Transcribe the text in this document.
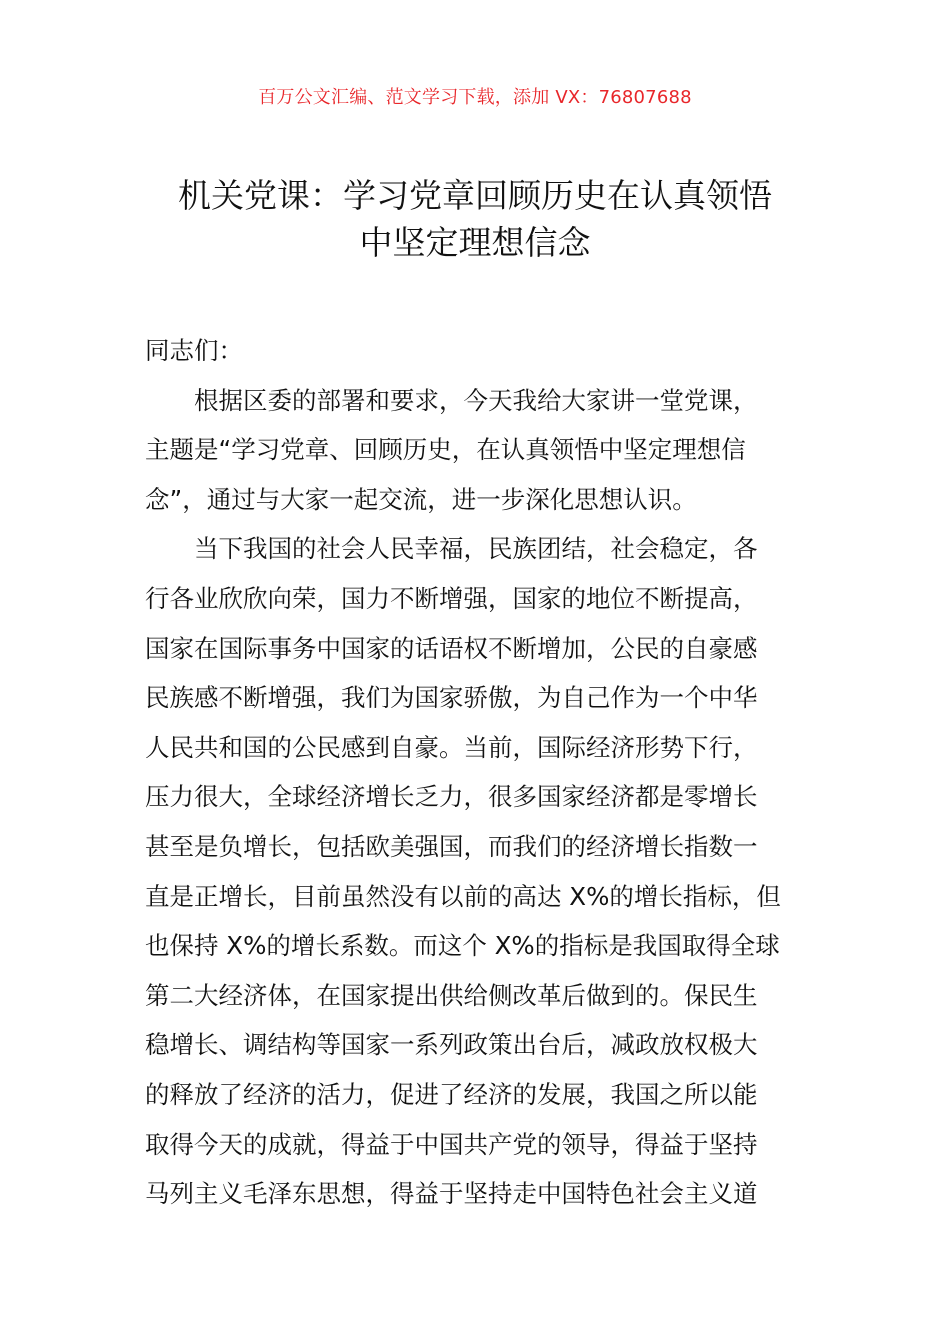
百万公文汇编、范文学习下载，添加 VX：76807688
机关党课：学习党章回顾历史在认真领悟
中坚定理想信念
同志们：
根据区委的部署和要求，今天我给大家讲一堂党课，
主题是“学习党章、回顾历史，在认真领悟中坚定理想信
念”，通过与大家一起交流，进一步深化思想认识。
当下我国的社会人民幸福，民族团结，社会稳定，各
行各业欣欣向荣，国力不断增强，国家的地位不断提高，
国家在国际事务中国家的话语权不断增加，公民的自豪感
民族感不断增强，我们为国家骄傲，为自己作为一个中华
人民共和国的公民感到自豪。当前，国际经济形势下行，
压力很大，全球经济增长乏力，很多国家经济都是零增长
甚至是负增长，包括欧美强国，而我们的经济增长指数一
直是正增长，目前虽然没有以前的高达 X%的增长指标，但
也保持 X%的增长系数。而这个 X%的指标是我国取得全球
第二大经济体，在国家提出供给侧改革后做到的。保民生
稳增长、调结构等国家一系列政策出台后，减政放权极大
的释放了经济的活力，促进了经济的发展，我国之所以能
取得今天的成就，得益于中国共产党的领导，得益于坚持
马列主义毛泽东思想，得益于坚持走中国特色社会主义道
